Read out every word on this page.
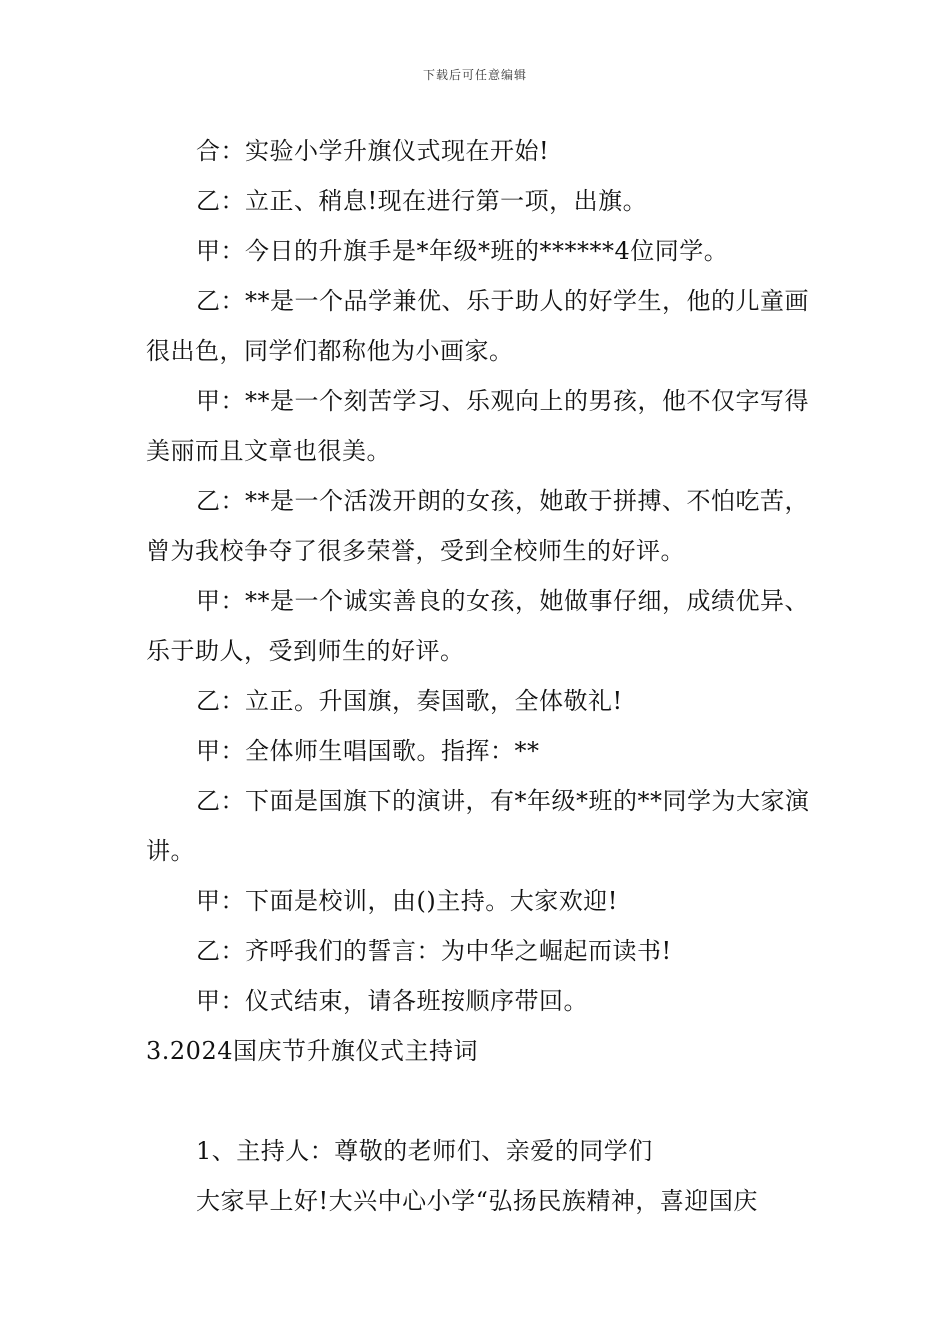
下载后可任意编辑

合：实验小学升旗仪式现在开始!

乙：立正、稍息!现在进行第一项，出旗。

甲：今日的升旗手是*年级*班的******4位同学。

乙：**是一个品学兼优、乐于助人的好学生，他的儿童画很出色，同学们都称他为小画家。

甲：**是一个刻苦学习、乐观向上的男孩，他不仅字写得美丽而且文章也很美。

乙：**是一个活泼开朗的女孩，她敢于拼搏、不怕吃苦，曾为我校争夺了很多荣誉，受到全校师生的好评。

甲：**是一个诚实善良的女孩，她做事仔细，成绩优异、乐于助人，受到师生的好评。

乙：立正。升国旗，奏国歌，全体敬礼!

甲：全体师生唱国歌。指挥：**

乙：下面是国旗下的演讲，有*年级*班的**同学为大家演讲。

甲：下面是校训，由()主持。大家欢迎!

乙：齐呼我们的誓言：为中华之崛起而读书!

甲：仪式结束，请各班按顺序带回。

3.2024国庆节升旗仪式主持词

1、主持人：尊敬的老师们、亲爱的同学们

大家早上好!大兴中心小学“弘扬民族精神，喜迎国庆
